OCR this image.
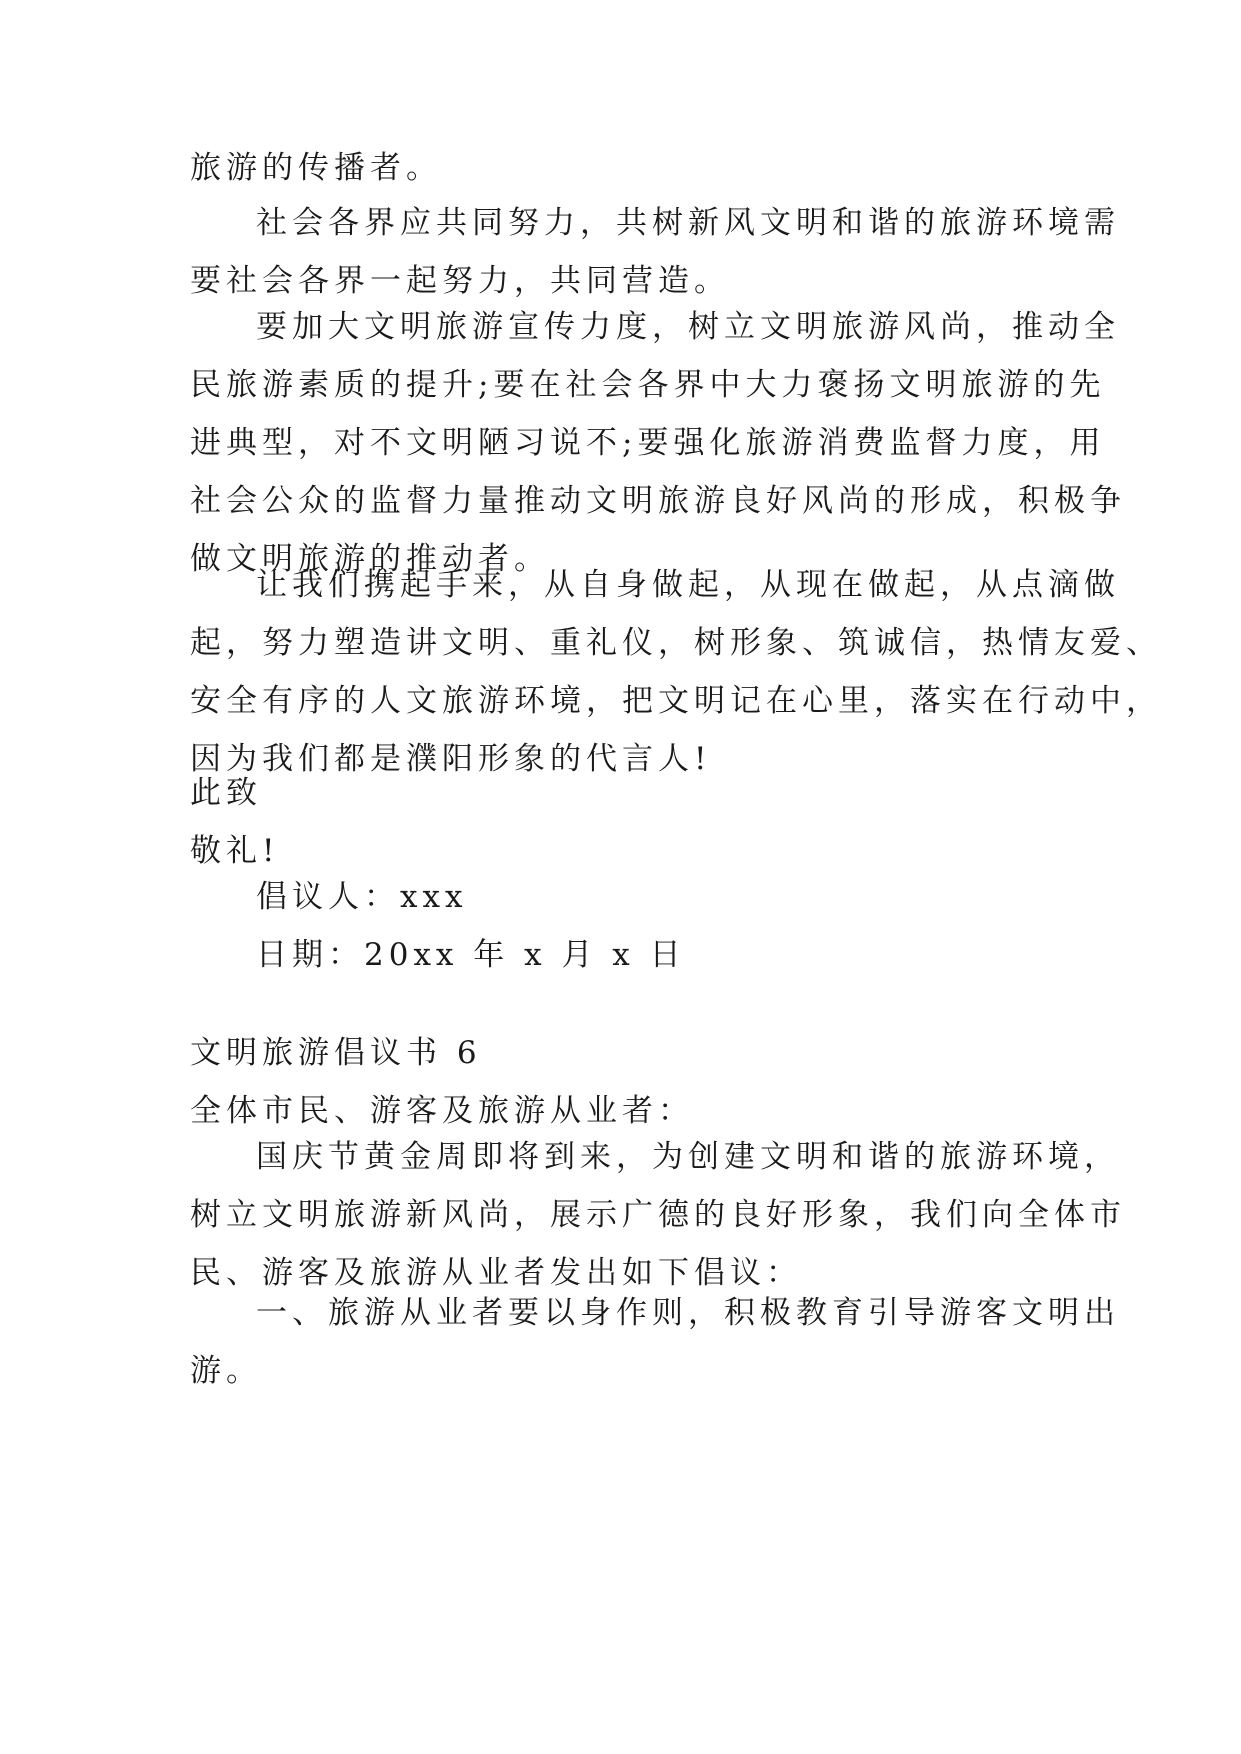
旅游的传播者。

社会各界应共同努力，共树新风文明和谐的旅游环境需
要社会各界一起努力，共同营造。

要加大文明旅游宣传力度，树立文明旅游风尚，推动全
民旅游素质的提升;要在社会各界中大力褒扬文明旅游的先
进典型，对不文明陋习说不;要强化旅游消费监督力度，用
社会公众的监督力量推动文明旅游良好风尚的形成，积极争
做文明旅游的推动者。

让我们携起手来，从自身做起，从现在做起，从点滴做
起，努力塑造讲文明、重礼仪，树形象、筑诚信，热情友爱、
安全有序的人文旅游环境，把文明记在心里，落实在行动中，
因为我们都是濮阳形象的代言人!

此致
敬礼!

倡议人：xxx
日期：20xx 年 x 月 x 日

文明旅游倡议书 6
全体市民、游客及旅游从业者：

国庆节黄金周即将到来，为创建文明和谐的旅游环境，
树立文明旅游新风尚，展示广德的良好形象，我们向全体市
民、游客及旅游从业者发出如下倡议：

一、旅游从业者要以身作则，积极教育引导游客文明出
游。
